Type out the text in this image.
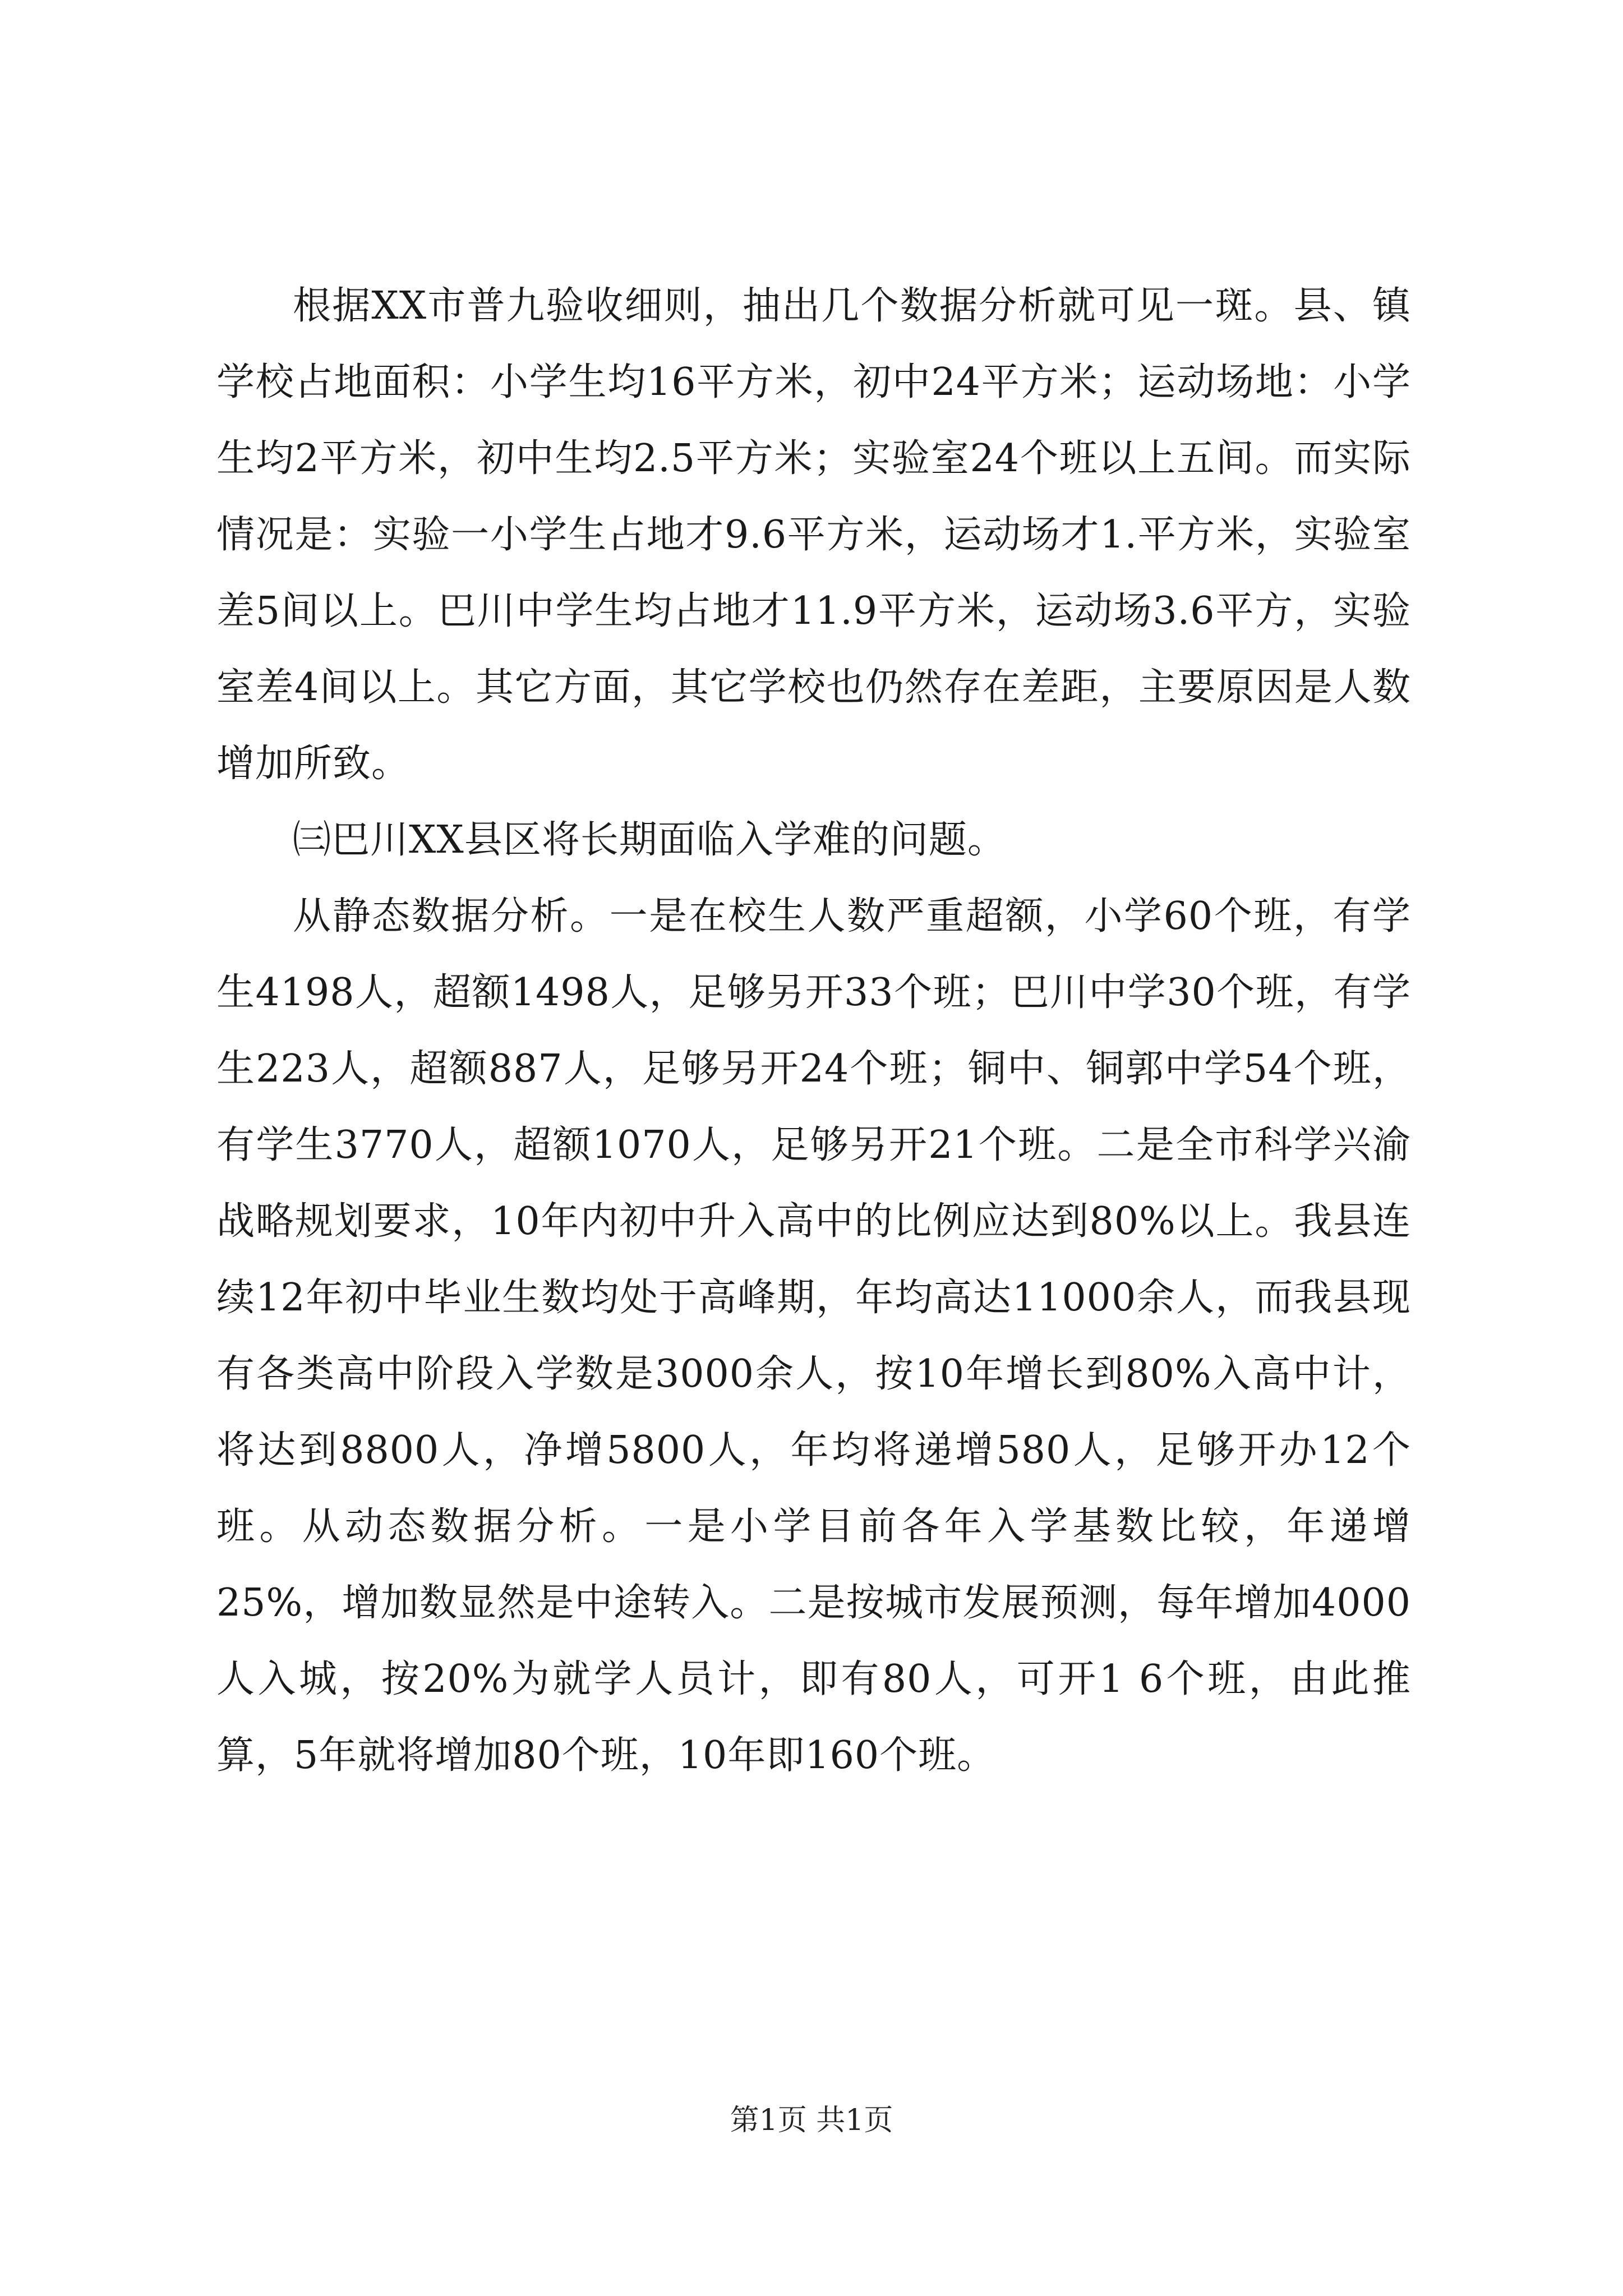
根据XX市普九验收细则，抽出几个数据分析就可见一斑。县、镇学校占地面积：小学生均16平方米，初中24平方米；运动场地：小学生均2平方米，初中生均2.5平方米；实验室24个班以上五间。而实际情况是：实验一小学生占地才9.6平方米，运动场才1.平方米，实验室差5间以上。巴川中学生均占地才11.9平方米，运动场3.6平方，实验室差4间以上。其它方面，其它学校也仍然存在差距，主要原因是人数增加所致。

㈢巴川XX县区将长期面临入学难的问题。

从静态数据分析。一是在校生人数严重超额，小学60个班，有学生4198人，超额1498人，足够另开33个班；巴川中学30个班，有学生223人，超额887人，足够另开24个班；铜中、铜郭中学54个班，有学生3770人，超额1070人，足够另开21个班。二是全市科学兴渝战略规划要求，10年内初中升入高中的比例应达到80%以上。我县连续12年初中毕业生数均处于高峰期，年均高达11000余人，而我县现有各类高中阶段入学数是3000余人，按10年增长到80%入高中计，将达到8800人，净增5800人，年均将递增580人，足够开办12个班。从动态数据分析。一是小学目前各年入学基数比较，年递增25%，增加数显然是中途转入。二是按城市发展预测，每年增加4000人入城，按20%为就学人员计，即有80人，可开1 6个班，由此推算，5年就将增加80个班，10年即160个班。

第1页 共1页
